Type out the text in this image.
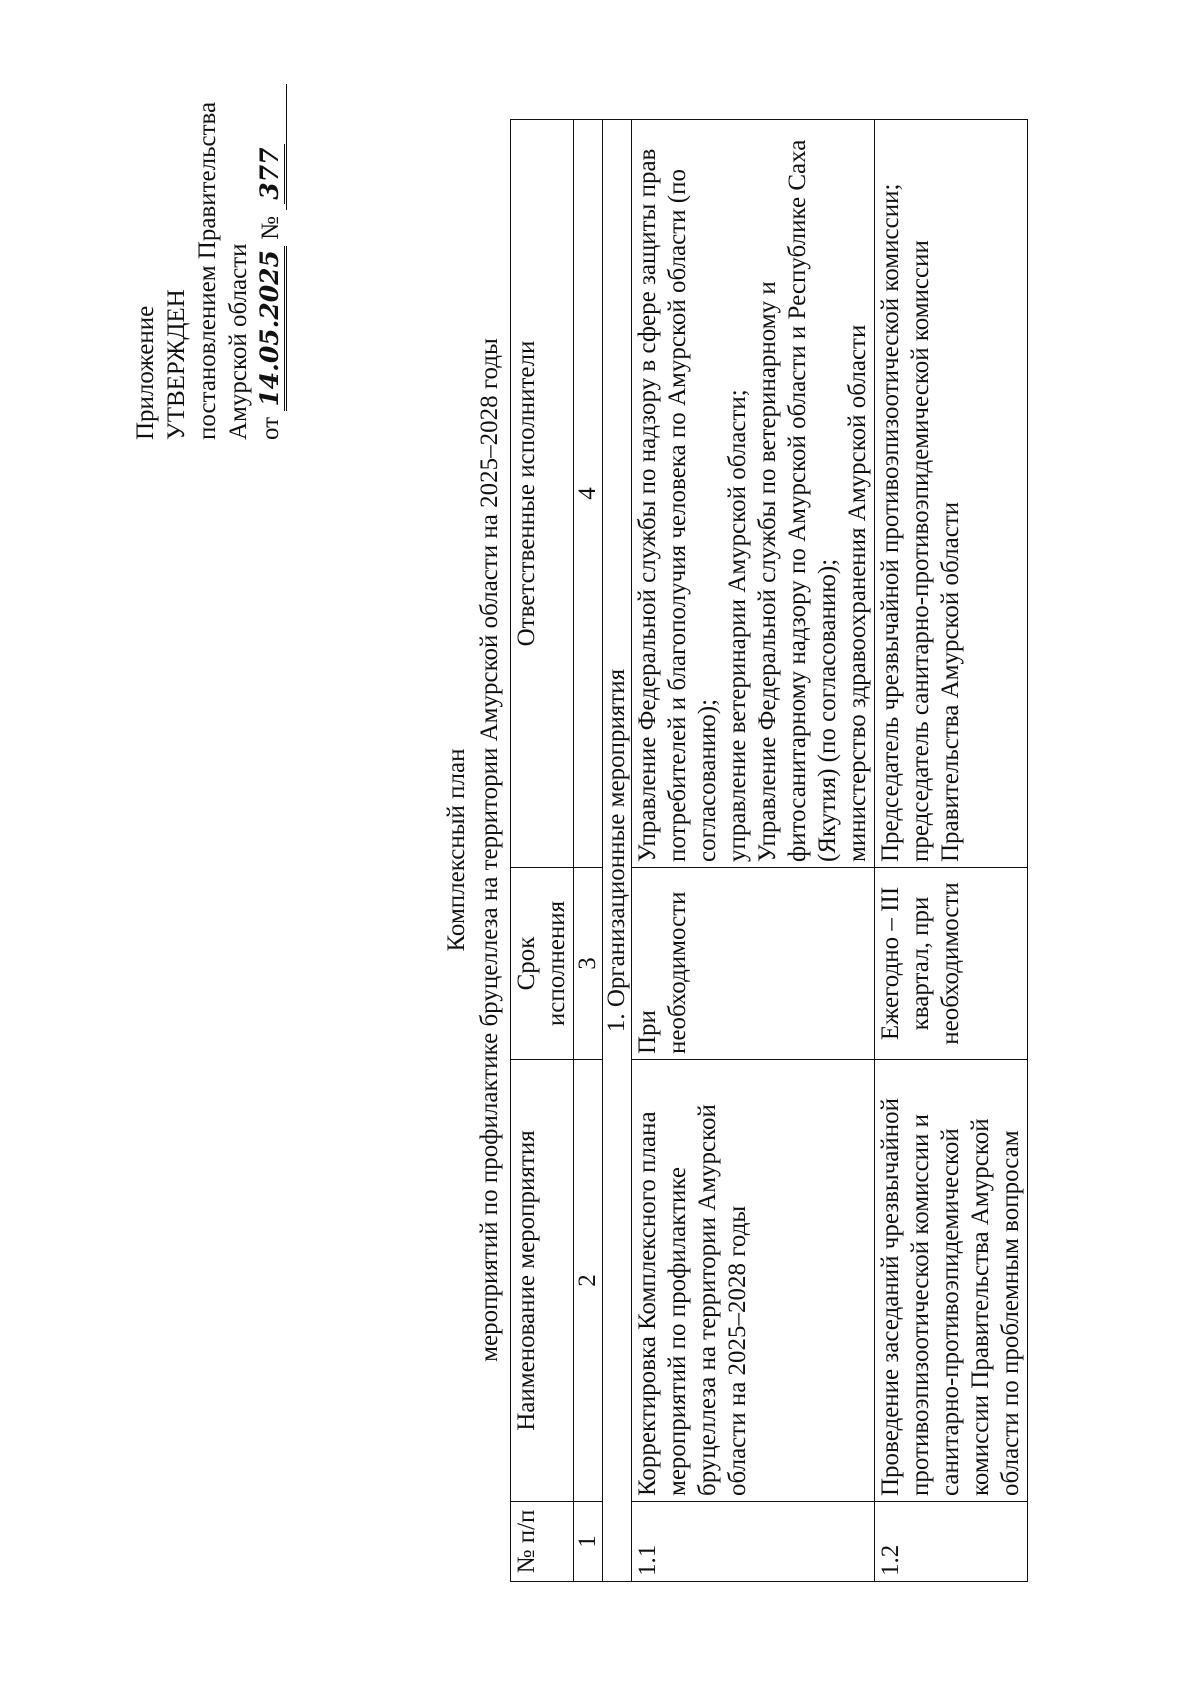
Приложение УТВЕРЖДЕН постановлением Правительства Амурской области от 14.05.2025 № 377
Комплексный план мероприятий по профилактике бруцеллеза на территории Амурской области на 2025–2028 годы
№ п/п	Наименование мероприятия	Срок исполнения	Ответственные исполнители
1	2	3	4
1. Организационные мероприятия			
1.1	Корректировка Комплексного плана мероприятий по профилактике бруцеллеза на территории Амурской области на 2025–2028 годы	При необходимости	Управление Федеральной службы по надзору в сфере защиты прав потребителей и благополучия человека по Амурской области (по согласованию); управление ветеринарии Амурской области; Управление Федеральной службы по ветеринарному и фитосанитарному надзору по Амурской области и Республике Саха (Якутия) (по согласованию); министерство здравоохранения Амурской области

1.2	Проведение заседаний чрезвычайной противоэпизоотической комиссии и санитарно-противоэпидемической комиссии Правительства Амурской области по проблемным вопросам	Ежегодно – III квартал, при необходимости	Председатель чрезвычайной противоэпизоотической комиссии; председатель санитарно-противоэпидемической комиссии Правительства Амурской области
